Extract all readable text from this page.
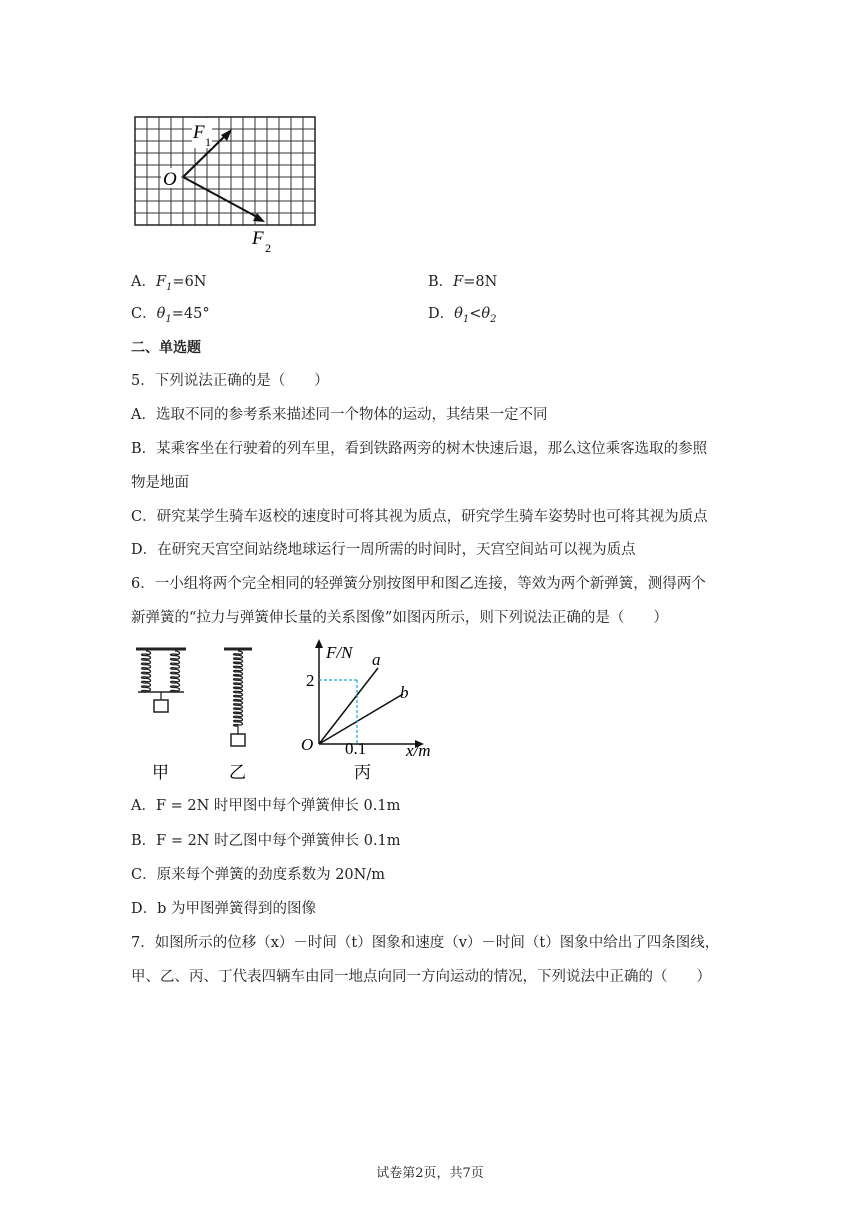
O
F 1
F 2
A．$F_1=6N$	B．F=8N
C．$\theta_1=45^\circ$	D．$\theta_1<\theta_2$
二、单选题
5．下列说法正确的是（　　）
A．选取不同的参考系来描述同一个物体的运动，其结果一定不同
B．某乘客坐在行驶着的列车里，看到铁路两旁的树木快速后退，那么这位乘客选取的参照
物是地面
C．研究某学生骑车返校的速度时可将其视为质点，研究学生骑车姿势时也可将其视为质点
D．在研究天宫空间站绕地球运行一周所需的时间时，天宫空间站可以视为质点
6．一小组将两个完全相同的轻弹簧分别按图甲和图乙连接，等效为两个新弹簧，测得两个
新弹簧的“拉力与弹簧伸长量的关系图像”如图丙所示，则下列说法正确的是（　　）
甲	乙
F/N a
b
2
O 0.1 x/m
丙
A．F = 2N 时甲图中每个弹簧伸长 0.1m
B．F = 2N 时乙图中每个弹簧伸长 0.1m
C．原来每个弹簧的劲度系数为 20N/m
D．b 为甲图弹簧得到的图像
7．如图所示的位移（x）－时间（t）图象和速度（v）－时间（t）图象中给出了四条图线，
甲、乙、丙、丁代表四辆车由同一地点向同一方向运动的情况，下列说法中正确的（　　）
试卷第2页，共7页
